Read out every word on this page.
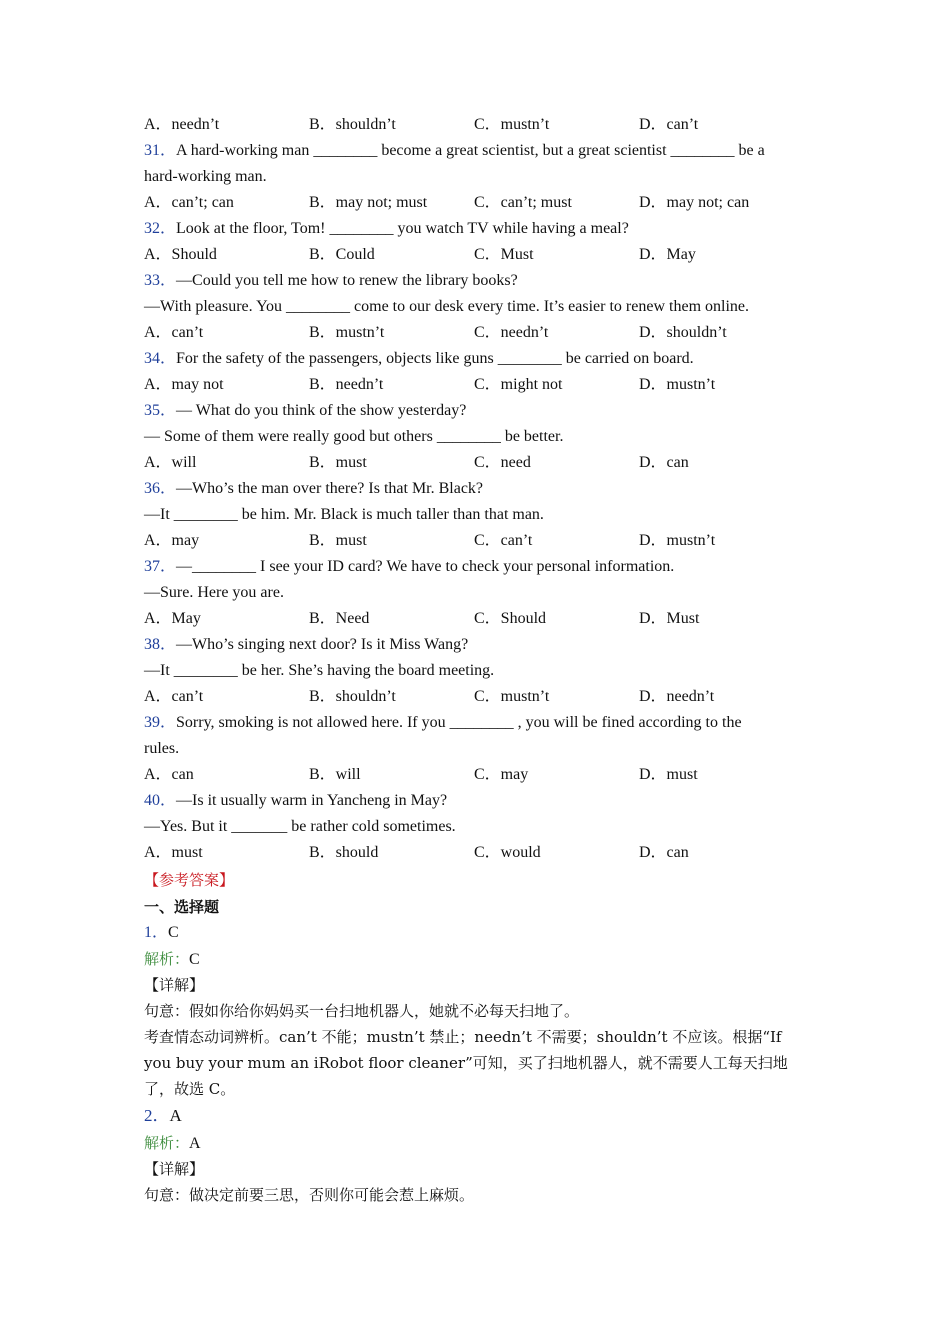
A．needn’t	B．shouldn’t	C．mustn’t	D．can’t
31．A hard-working man ________ become a great scientist, but a great scientist ________ be a
hard-working man.
A．can’t; can	B．may not; must	C．can’t; must	D．may not; can
32．Look at the floor, Tom! ________ you watch TV while having a meal?
A．Should	B．Could	C．Must	D．May
33．—Could you tell me how to renew the library books?
—With pleasure. You ________ come to our desk every time. It’s easier to renew them online.
A．can’t	B．mustn’t	C．needn’t	D．shouldn’t
34．For the safety of the passengers, objects like guns ________ be carried on board.
A．may not	B．needn’t	C．might not	D．mustn’t
35．— What do you think of the show yesterday?
— Some of them were really good but others ________ be better.
A．will	B．must	C．need	D．can
36．—Who’s the man over there? Is that Mr. Black?
—It ________ be him. Mr. Black is much taller than that man.
A．may	B．must	C．can’t	D．mustn’t
37．—________ I see your ID card? We have to check your personal information.
—Sure. Here you are.
A．May	B．Need	C．Should	D．Must
38．—Who’s singing next door? Is it Miss Wang?
—It ________ be her. She’s having the board meeting.
A．can’t	B．shouldn’t	C．mustn’t	D．needn’t
39．Sorry, smoking is not allowed here. If you ________ , you will be fined according to the
rules.
A．can	B．will	C．may	D．must
40．—Is it usually warm in Yancheng in May?
—Yes. But it _______ be rather cold sometimes.
A．must	B．should	C．would	D．can
【参考答案】
一、选择题
1．C
解析：C
【详解】
句意：假如你给你妈妈买一台扫地机器人，她就不必每天扫地了。
考查情态动词辨析。can’t 不能；mustn’t 禁止；needn’t 不需要；shouldn’t 不应该。根据“If you buy your mum an iRobot floor cleaner”可知，买了扫地机器人，就不需要人工每天扫地了，故选 C。
2．A
解析：A
【详解】
句意：做决定前要三思，否则你可能会惹上麻烦。
